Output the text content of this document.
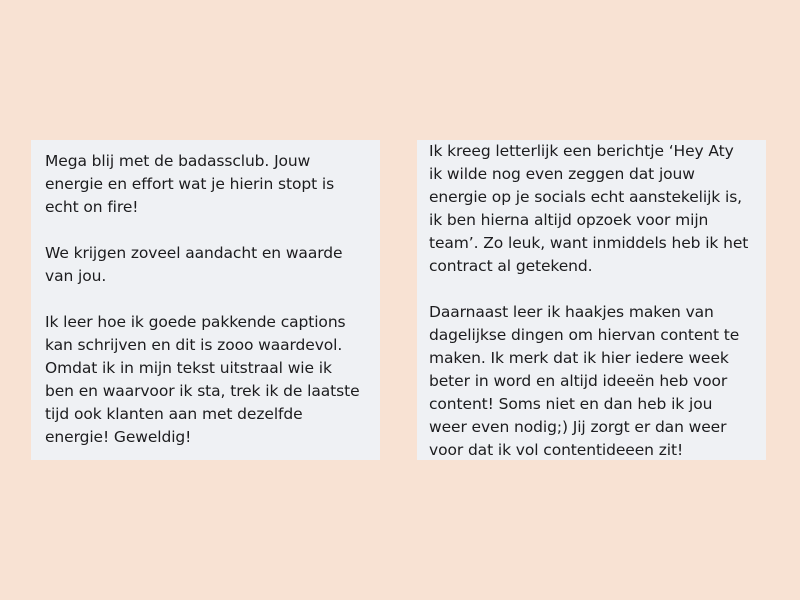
Mega blij met de badassclub. Jouw
energie en effort wat je hierin stopt is
echt on fire!
We krijgen zoveel aandacht en waarde
van jou.
Ik leer hoe ik goede pakkende captions
kan schrijven en dit is zooo waardevol.
Omdat ik in mijn tekst uitstraal wie ik
ben en waarvoor ik sta, trek ik de laatste
tijd ook klanten aan met dezelfde
energie! Geweldig!
Ik kreeg letterlijk een berichtje ‘Hey Aty
ik wilde nog even zeggen dat jouw
energie op je socials echt aanstekelijk is,
ik ben hierna altijd opzoek voor mijn
team’. Zo leuk, want inmiddels heb ik het
contract al getekend.
Daarnaast leer ik haakjes maken van
dagelijkse dingen om hiervan content te
maken. Ik merk dat ik hier iedere week
beter in word en altijd ideeën heb voor
content! Soms niet en dan heb ik jou
weer even nodig;) Jij zorgt er dan weer
voor dat ik vol contentideeen zit!
